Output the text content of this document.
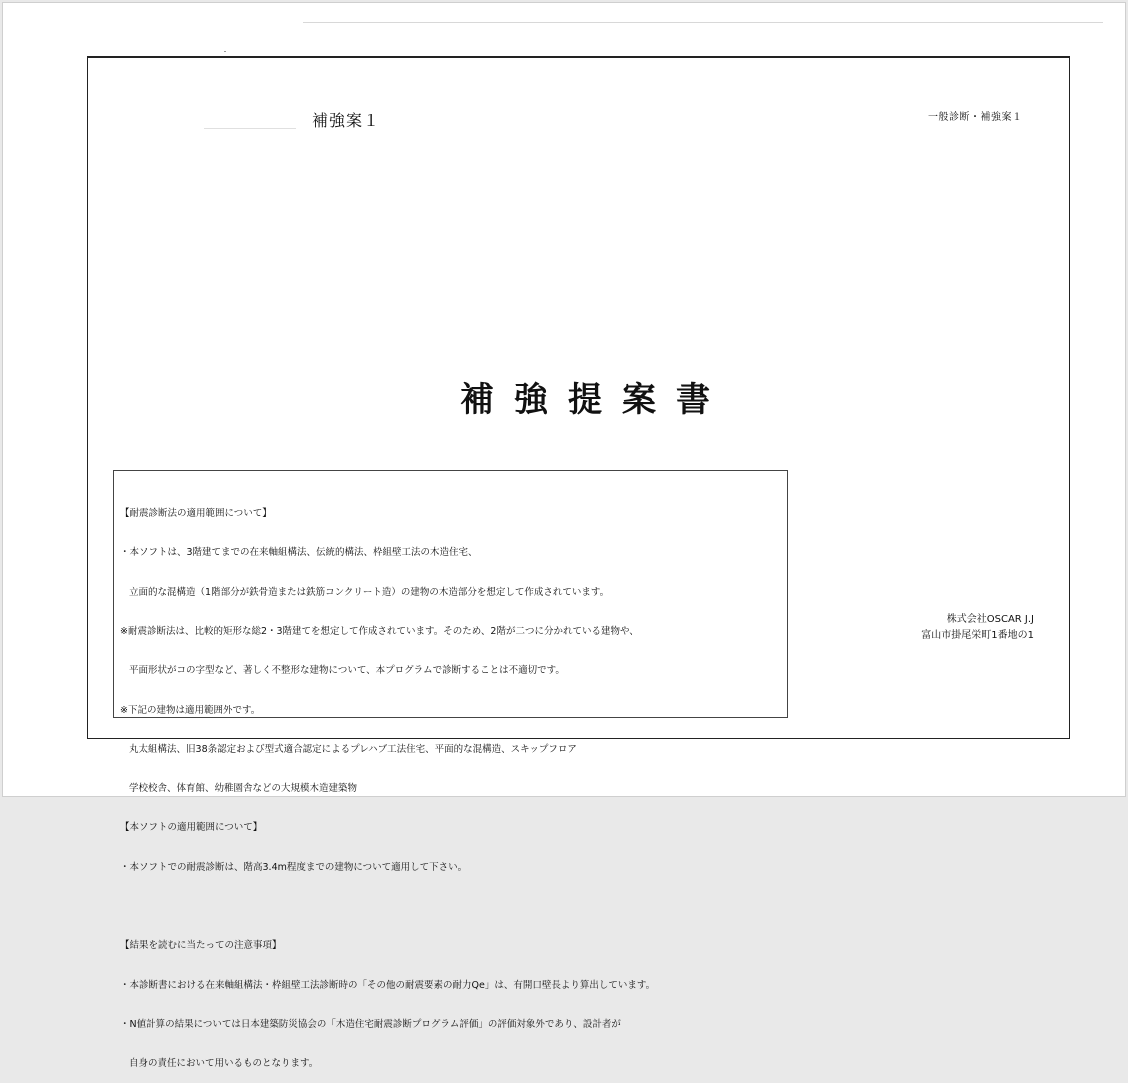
補強案１	一般診断・補強案１
補強提案書

【耐震診断法の適用範囲について】

・本ソフトは、3階建てまでの在来軸組構法、伝統的構法、枠組壁工法の木造住宅、

立面的な混構造（1階部分が鉄骨造または鉄筋コンクリート造）の建物の木造部分を想定して作成されています。

※耐震診断法は、比較的矩形な総2・3階建てを想定して作成されています。そのため、2階が二つに分かれている建物や、

平面形状がコの字型など、著しく不整形な建物について、本プログラムで診断することは不適切です。

※下記の建物は適用範囲外です。

丸太組構法、旧38条認定および型式適合認定によるプレハブ工法住宅、平面的な混構造、スキップフロア

学校校舎、体育館、幼稚園舎などの大規模木造建築物

【本ソフトの適用範囲について】

・本ソフトでの耐震診断は、階高3.4m程度までの建物について適用して下さい。

【結果を読むに当たっての注意事項】

・本診断書における在来軸組構法・枠組壁工法診断時の「その他の耐震要素の耐力Qe」は、有開口壁長より算出しています。

・N値計算の結果については日本建築防災協会の「木造住宅耐震診断プログラム評価」の評価対象外であり、設計者が

自身の責任において用いるものとなります。

株式会社OSCAR J.J
富山市掛尾栄町1番地の1
